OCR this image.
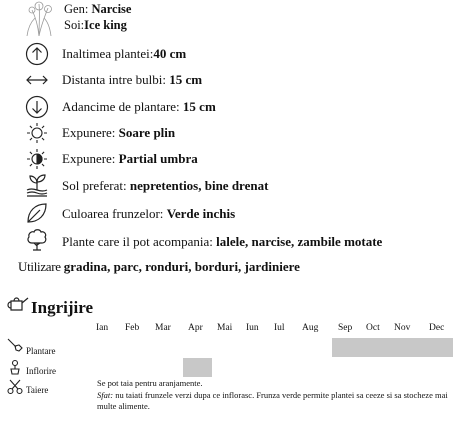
Gen: Narcise
Soi:Ice king
Inaltimea plantei:40 cm
Distanta intre bulbi: 15 cm
Adancime de plantare: 15 cm
Expunere: Soare plin
Expunere: Partial umbra
Sol preferat: nepretentios, bine drenat
Culoarea frunzelor: Verde inchis
Plante care il pot acompania: lalele, narcise, zambile motate
Utilizare gradina, parc, ronduri, borduri, jardiniere
Ingrijire
Ian Feb Mar Apr Mai Iun Iul Aug Sep Oct Nov Dec
Plantare
Inflorire
Taiere
Se pot taia pentru aranjamente.
Sfat: nu taiati frunzele verzi dupa ce inflorasc. Frunza verde permite plantei sa ceeze si sa stocheze mai multe alimente.
